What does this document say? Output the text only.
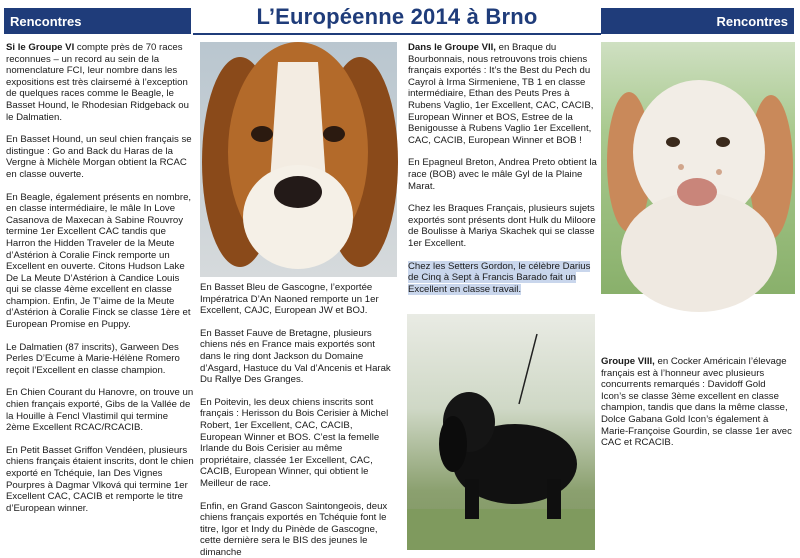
Rencontres	L’Européenne 2014 à Brno	Rencontres

Si le Groupe VI compte près de 70 races reconnues – un record au sein de la nomenclature FCI, leur nombre dans les expositions est très clairsemé à l’exception de quelques races comme le Beagle, le Basset Hound, le Rhodesian Ridgeback ou le Dalmatien.

En Basset Hound, un seul chien français se distingue : Go and Back du Haras de la Vergne à Michèle Morgan obtient la RCAC en classe ouverte.

En Beagle, également présents en nombre, en classe intermédiaire, le mâle In Love Casanova de Maxecan à Sabine Rouvroy termine 1er Excellent CAC tandis que Harron the Hidden Traveler de la Meute d’Astérion à Coralie Finck remporte un Excellent en ouverte. Citons Hudson Lake De La Meute D’Astérion à Candice Louis qui se classe 4ème excellent en classe champion. Enfin, Je T’aime de la Meute d’Astérion à Coralie Finck se classe 1ère et European Promise en Puppy.

Le Dalmatien (87 inscrits), Garween Des Perles D’Ecume à Marie-Hélène Romero reçoit l’Excellent en classe champion.

En Chien Courant du Hanovre, on trouve un chien français exporté, Gibs de la Vallée de la Houille à Fencl Vlastimil qui termine 2ème Excellent RCAC/RCACIB.

En Petit Basset Griffon Vendéen, plusieurs chiens français étaient inscrits, dont le chien exporté en Tchéquie, Ian Des Vignes Pourpres à Dagmar Vlková qui termine 1er Excellent CAC, CACIB et remporte le titre d’European winner.

En Basset Bleu de Gascogne, l’exportée Impératrica D’An Naoned remporte un 1er Excellent, CAJC, European JW et BOJ.

En Basset Fauve de Bretagne, plusieurs chiens nés en France mais exportés sont dans le ring dont Jackson du Domaine d’Asgard, Hastuce du Val d’Ancenis et Harak Du Rallye Des Granges.

En Poitevin, les deux chiens inscrits sont français : Herisson du Bois Cerisier à Michel Robert, 1er Excellent, CAC, CACIB, European Winner et BOS. C’est la femelle Irlande du Bois Cerisier au même propriétaire, classée 1er Excellent, CAC, CACIB, European Winner, qui obtient le Meilleur de race.

Enfin, en Grand Gascon Saintongeois, deux chiens français exportés en Tchéquie font le titre, Igor et Indy du Pinède de Gascogne, cette dernière sera le BIS des jeunes le dimanche

Dans le Groupe VII, en Braque du Bourbonnais, nous retrouvons trois chiens français exportés : It’s the Best du Pech du Cayrol à Irma Sirmeniene, TB 1 en classe intermédiaire, Ethan des Peuts Pres à Rubens Vaglio, 1er Excellent, CAC, CACIB, European Winner et BOS, Estree de la Benigousse à Rubens Vaglio 1er Excellent, CAC, CACIB, European Winner et BOB !

En Epagneul Breton, Andrea Preto obtient la race (BOB) avec le mâle Gyl de la Plaine Marat.

Chez les Braques Français, plusieurs sujets exportés sont présents dont Hulk du Miloore de Boulisse à Mariya Skachek qui se classe 1er Excellent.

Chez les Setters Gordon, le célèbre Darius de Cinq à Sept à Francis Barado fait un Excellent en classe travail.

Groupe VIII, en Cocker Américain l’élevage français est à l’honneur avec plusieurs concurrents remarqués : Davidoff Gold Icon’s se classe 3ème excellent en classe champion, tandis que dans la même classe, Dolce Gabana Gold Icon’s également à Marie-Françoise Gourdin, se classe 1er avec CAC et RCACIB.
